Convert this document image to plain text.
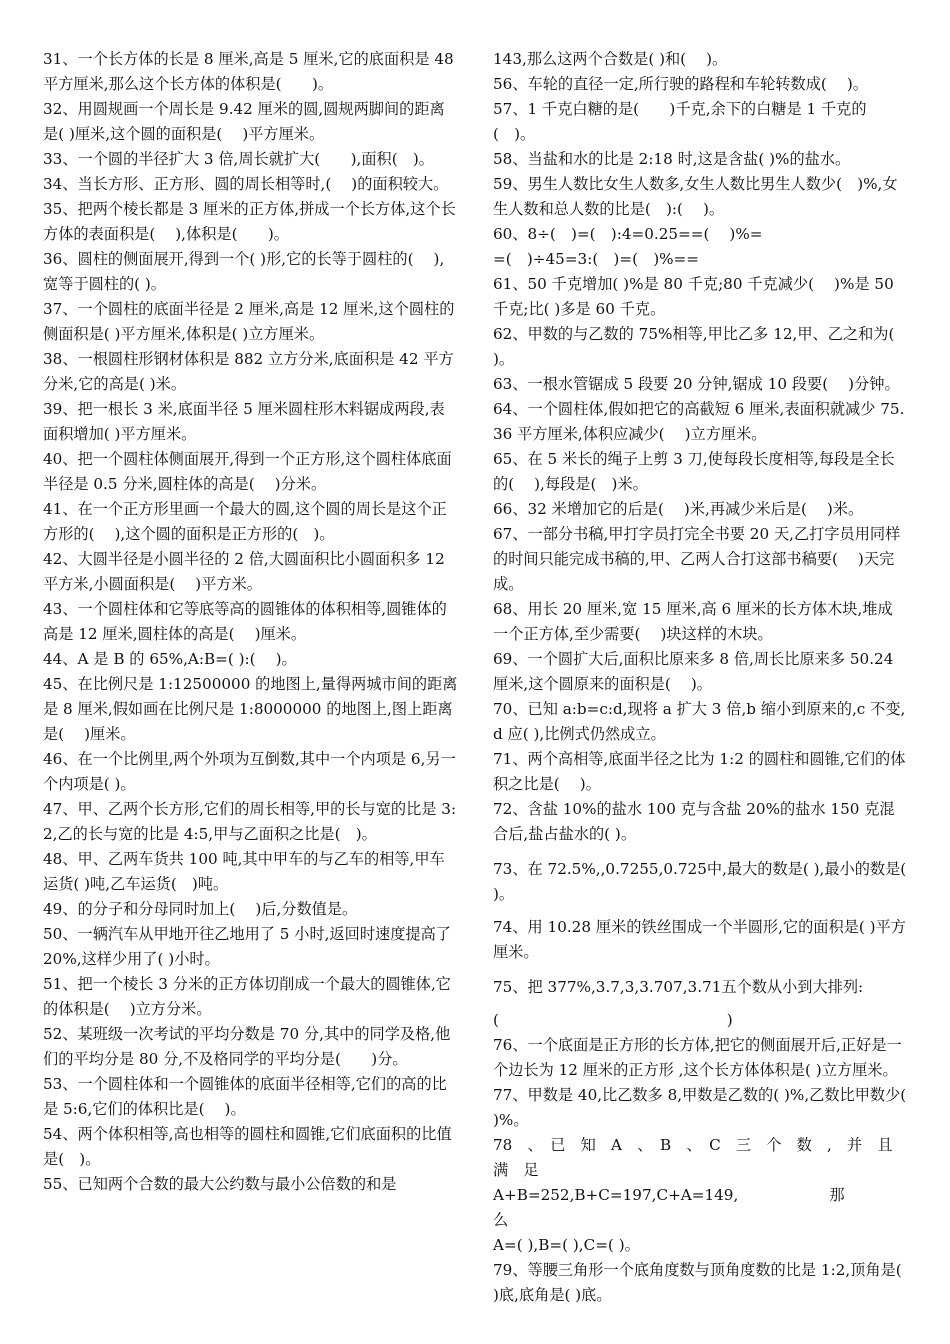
31、一个长方体的长是 8 厘米,高是 5 厘米,它的底面积是 48 平方厘米,那么这个长方体的体积是(　　)。

32、用圆规画一个周长是 9.42 厘米的圆,圆规两脚间的距离是( )厘米,这个圆的面积是(　 )平方厘米。

33、一个圆的半径扩大 3 倍,周长就扩大(　　),面积(　)。

34、当长方形、正方形、圆的周长相等时,(　 )的面积较大。

35、把两个棱长都是 3 厘米的正方体,拼成一个长方体,这个长方体的表面积是(　 ),体积是(　　)。

36、圆柱的侧面展开,得到一个( )形,它的长等于圆柱的(　 ),宽等于圆柱的( )。

37、一个圆柱的底面半径是 2 厘米,高是 12 厘米,这个圆柱的侧面积是( )平方厘米,体积是( )立方厘米。

38、一根圆柱形钢材体积是 882 立方分米,底面积是 42 平方分米,它的高是( )米。

39、把一根长 3 米,底面半径 5 厘米圆柱形木料锯成两段,表面积增加( )平方厘米。

40、把一个圆柱体侧面展开,得到一个正方形,这个圆柱体底面半径是 0.5 分米,圆柱体的高是(　 )分米。

41、在一个正方形里画一个最大的圆,这个圆的周长是这个正方形的(　 ),这个圆的面积是正方形的(　)。

42、大圆半径是小圆半径的 2 倍,大圆面积比小圆面积多 12 平方米,小圆面积是(　 )平方米。

43、一个圆柱体和它等底等高的圆锥体的体积相等,圆锥体的高是 12 厘米,圆柱体的高是(　 )厘米。

44、A 是 B 的 65%,A:B=( ):(　 )。

45、在比例尺是 1:12500000 的地图上,量得两城市间的距离是 8 厘米,假如画在比例尺是 1:8000000 的地图上,图上距离是(　 )厘米。

46、在一个比例里,两个外项为互倒数,其中一个内项是 6,另一个内项是( )。

47、甲、乙两个长方形,它们的周长相等,甲的长与宽的比是 3:2,乙的长与宽的比是 4:5,甲与乙面积之比是(　)。

48、甲、乙两车货共 100 吨,其中甲车的与乙车的相等,甲车运货( )吨,乙车运货(　)吨。

49、的分子和分母同时加上(　 )后,分数值是。

50、一辆汽车从甲地开往乙地用了 5 小时,返回时速度提高了 20%,这样少用了( )小时。

51、把一个棱长 3 分米的正方体切削成一个最大的圆锥体,它的体积是(　 )立方分米。

52、某班级一次考试的平均分数是 70 分,其中的同学及格,他们的平均分是 80 分,不及格同学的平均分是(　　)分。

53、一个圆柱体和一个圆锥体的底面半径相等,它们的高的比是 5:6,它们的体积比是(　 )。

54、两个体积相等,高也相等的圆柱和圆锥,它们底面积的比值是(　)。

55、已知两个合数的最大公约数与最小公倍数的和是

143,那么这两个合数是( )和(　 )。

56、车轮的直径一定,所行驶的路程和车轮转数成(　 )。

57、1 千克白糖的是(　　)千克,余下的白糖是 1 千克的(　)。

58、当盐和水的比是 2:18 时,这是含盐( )%的盐水。

59、男生人数比女生人数多,女生人数比男生人数少(　)%,女生人数和总人数的比是(　):(　 )。

60、8÷(　)=(　):4=0.25==(　 )%=

=(　)÷45=3:(　)=(　)%==

61、50 千克增加( )%是 80 千克;80 千克减少(　 )%是 50 千克;比( )多是 60 千克。

62、甲数的与乙数的 75%相等,甲比乙多 12,甲、乙之和为(　 )。

63、一根水管锯成 5 段要 20 分钟,锯成 10 段要(　 )分钟。

64、一个圆柱体,假如把它的高截短 6 厘米,表面积就减少 75.36 平方厘米,体积应减少(　 )立方厘米。

65、在 5 米长的绳子上剪 3 刀,使每段长度相等,每段是全长的(　 ),每段是(　)米。

66、32 米增加它的后是(　 )米,再减少米后是(　 )米。

67、一部分书稿,甲打字员打完全书要 20 天,乙打字员用同样的时间只能完成书稿的,甲、乙两人合打这部书稿要(　 )天完成。

68、用长 20 厘米,宽 15 厘米,高 6 厘米的长方体木块,堆成一个正方体,至少需要(　 )块这样的木块。

69、一个圆扩大后,面积比原来多 8 倍,周长比原来多 50.24 厘米,这个圆原来的面积是(　 )。

70、已知 a:b=c:d,现将 a 扩大 3 倍,b 缩小到原来的,c 不变,d 应( ),比例式仍然成立。

71、两个高相等,底面半径之比为 1:2 的圆柱和圆锥,它们的体积之比是(　 )。

72、含盐 10%的盐水 100 克与含盐 20%的盐水 150 克混合后,盐占盐水的( )。

73、在 72.5%,,0.7255,0.725中,最大的数是( ),最小的数是( )。

74、用 10.28 厘米的铁丝围成一个半圆形,它的面积是( )平方厘米。

75、把 377%,3.7,3,3.707,3.71五个数从小到大排列:

(　　　　　　　　　　　　　　　)

76、一个底面是正方形的长方体,把它的侧面展开后,正好是一个边长为 12 厘米的正方形 ,这个长方体体积是( )立方厘米。

77、甲数是 40,比乙数多 8,甲数是乙数的( )%,乙数比甲数少( )%。

78　、　已　知　A　、　B　、　C　三　个　数　,　并　且　满　足

A+B=252,B+C=197,C+A=149,　　　　　　那　　　　　么

A=( ),B=( ),C=( )。

79、等腰三角形一个底角度数与顶角度数的比是 1:2,顶角是( )底,底角是( )底。
